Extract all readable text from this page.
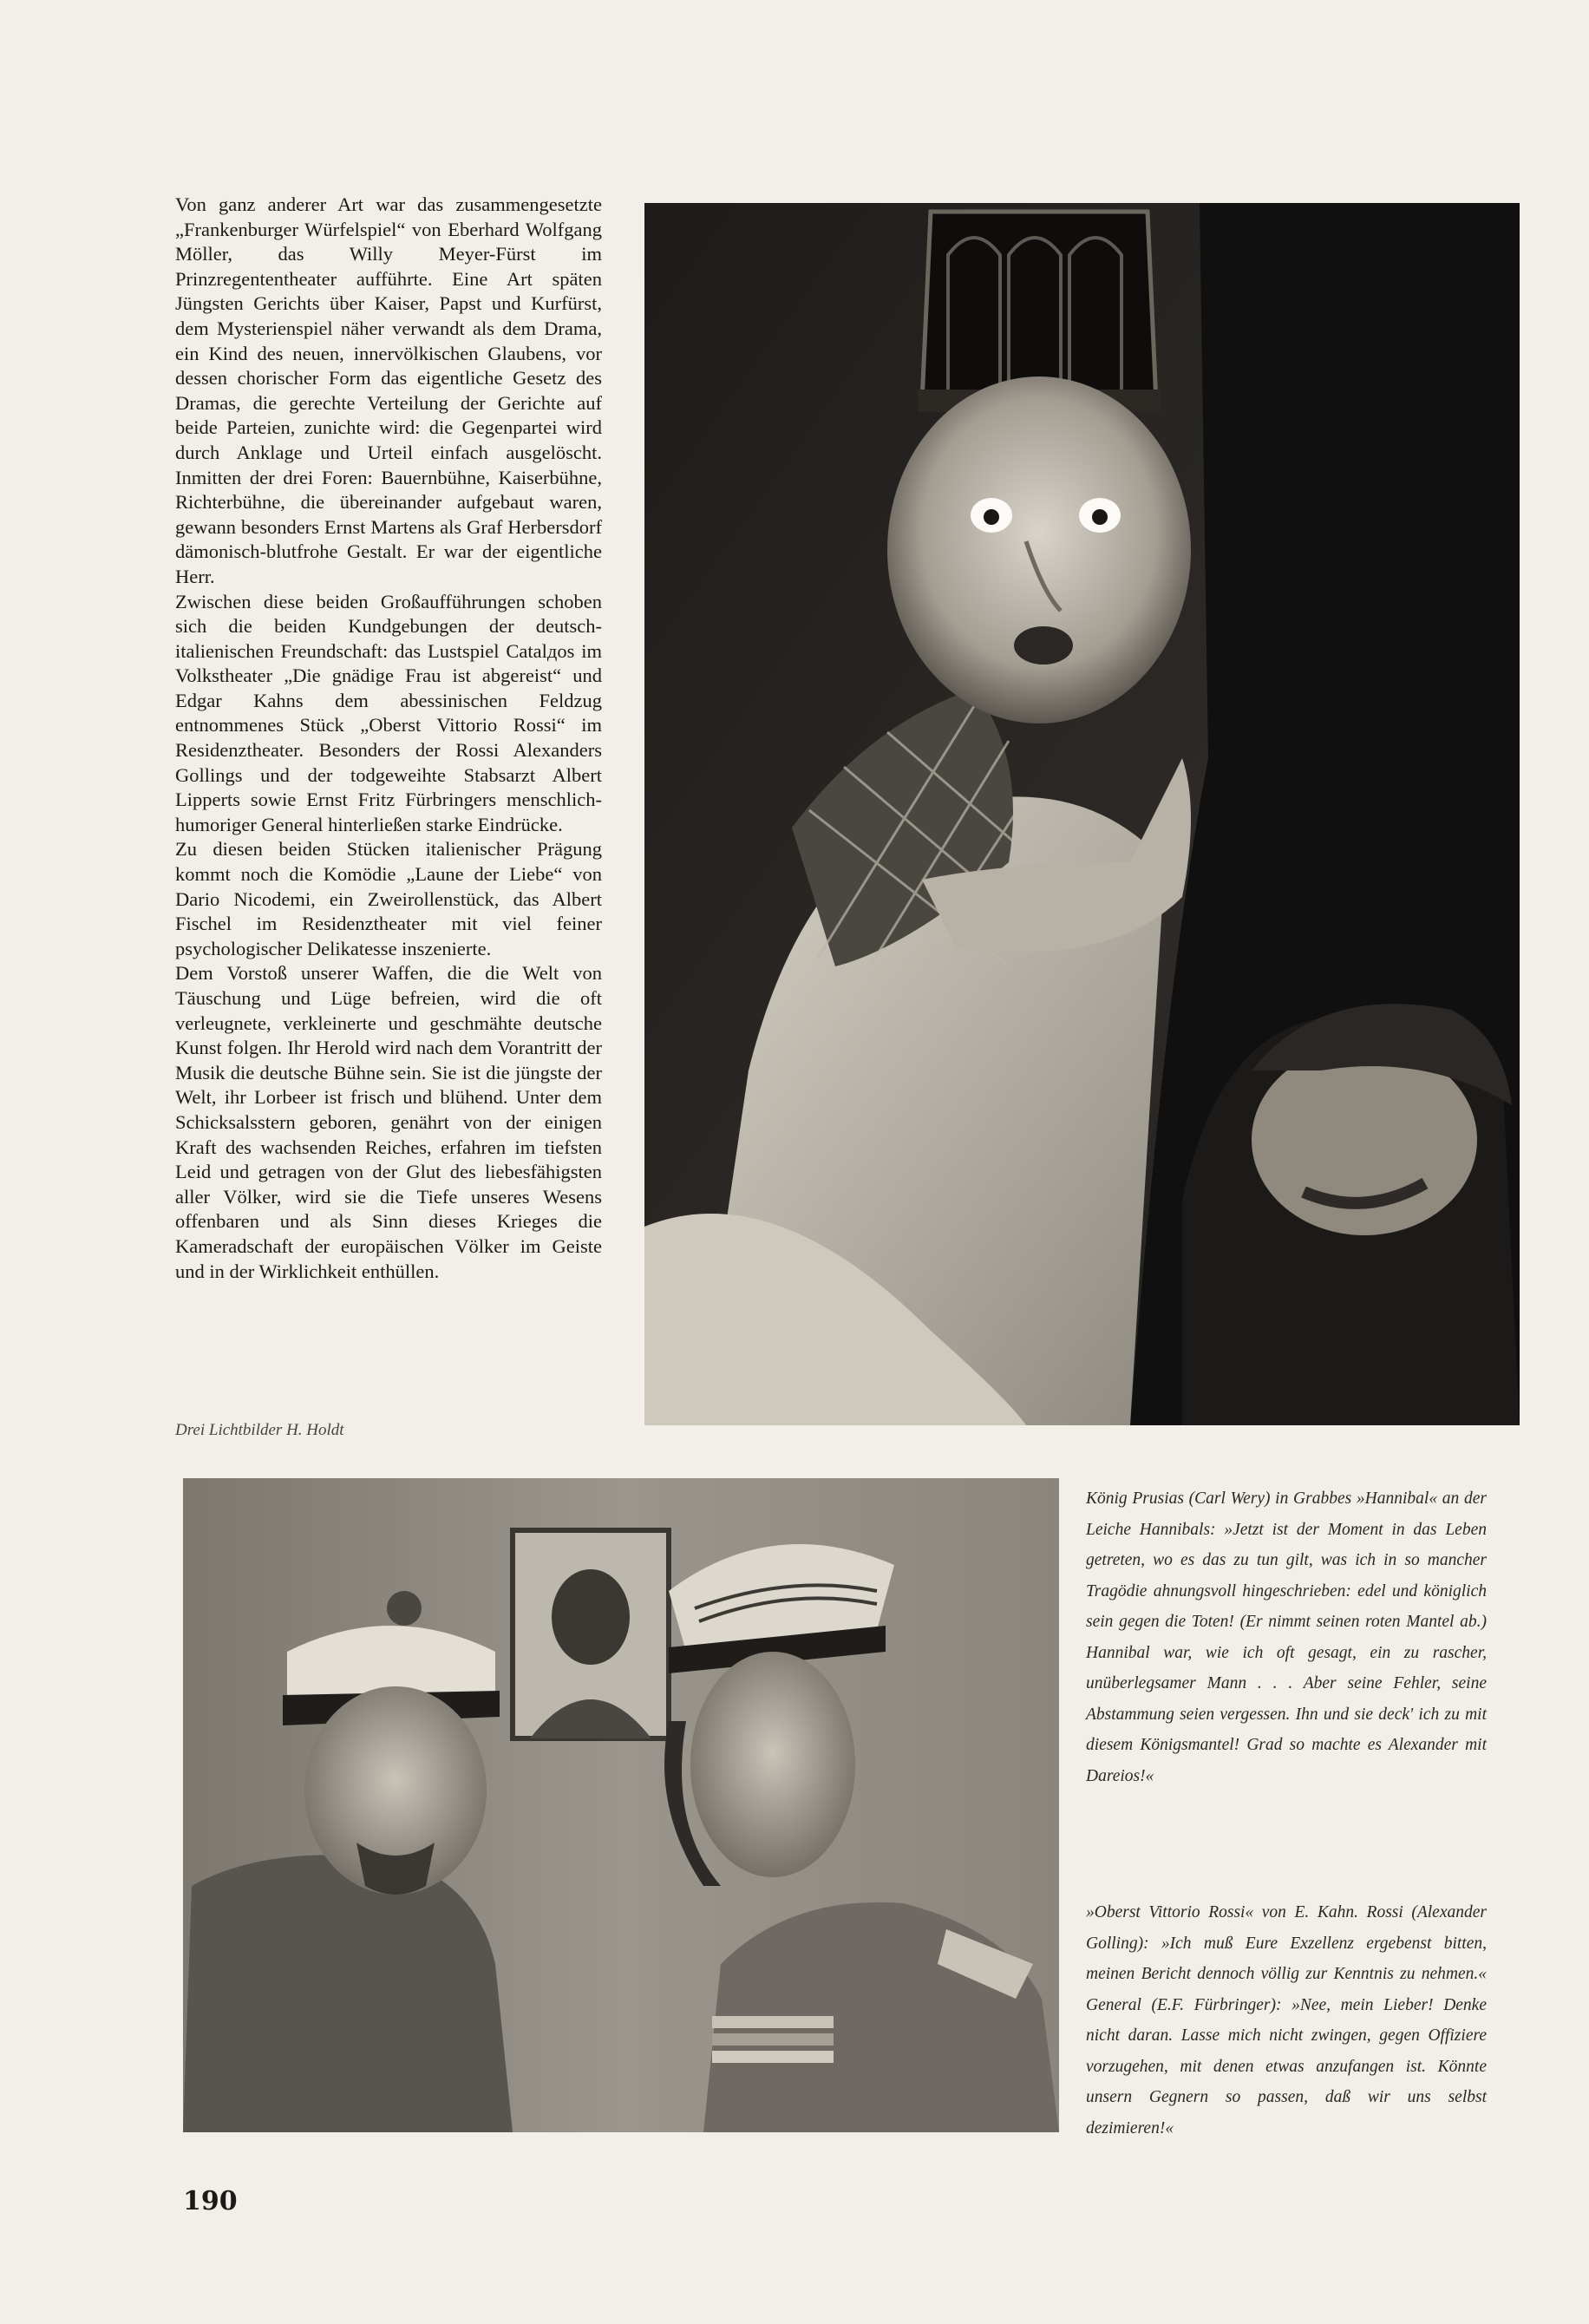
Von ganz anderer Art war das zusammengesetzte „Frankenburger Würfelspiel“ von Eberhard Wolfgang Möller, das Willy Meyer-Fürst im Prinzregententheater aufführte. Eine Art späten Jüngsten Gerichts über Kaiser, Papst und Kurfürst, dem Mysterienspiel näher verwandt als dem Drama, ein Kind des neuen, innervölkischen Glaubens, vor dessen chorischer Form das eigentliche Gesetz des Dramas, die gerechte Verteilung der Gerichte auf beide Parteien, zunichte wird: die Gegenpartei wird durch Anklage und Urteil einfach ausgelöscht. Inmitten der drei Foren: Bauernbühne, Kaiserbühne, Richterbühne, die übereinander aufgebaut waren, gewann besonders Ernst Martens als Graf Herbersdorf dämonisch-blutfrohe Gestalt. Er war der eigentliche Herr.

Zwischen diese beiden Großaufführungen schoben sich die beiden Kundgebungen der deutsch-italienischen Freundschaft: das Lustspiel Catalдos im Volkstheater „Die gnädige Frau ist abgereist“ und Edgar Kahns dem abessinischen Feldzug entnommenes Stück „Oberst Vittorio Rossi“ im Residenztheater. Besonders der Rossi Alexanders Gollings und der todgeweihte Stabsarzt Albert Lipperts sowie Ernst Fritz Fürbringers menschlich-humoriger General hinterließen starke Eindrücke.

Zu diesen beiden Stücken italienischer Prägung kommt noch die Komödie „Laune der Liebe“ von Dario Nicodemi, ein Zweirollenstück, das Albert Fischel im Residenztheater mit viel feiner psychologischer Delikatesse inszenierte.

Dem Vorstoß unserer Waffen, die die Welt von Täuschung und Lüge befreien, wird die oft verleugnete, verkleinerte und geschmähte deutsche Kunst folgen. Ihr Herold wird nach dem Vorantritt der Musik die deutsche Bühne sein. Sie ist die jüngste der Welt, ihr Lorbeer ist frisch und blühend. Unter dem Schicksalsstern geboren, genährt von der einigen Kraft des wachsenden Reiches, erfahren im tiefsten Leid und getragen von der Glut des liebesfähigsten aller Völker, wird sie die Tiefe unseres Wesens offenbaren und als Sinn dieses Krieges die Kameradschaft der europäischen Völker im Geiste und in der Wirklichkeit enthüllen.

Drei Lichtbilder H. Holdt
König Prusias (Carl Wery) in Grabbes »Hannibal« an der Leiche Hannibals: »Jetzt ist der Moment in das Leben getreten, wo es das zu tun gilt, was ich in so mancher Tragödie ahnungsvoll hingeschrieben: edel und königlich sein gegen die Toten! (Er nimmt seinen roten Mantel ab.) Hannibal war, wie ich oft gesagt, ein zu rascher, unüberlegsamer Mann . . . Aber seine Fehler, seine Abstammung seien vergessen. Ihn und sie deck' ich zu mit diesem Königsmantel! Grad so machte es Alexander mit Dareios!«
»Oberst Vittorio Rossi« von E. Kahn. Rossi (Alexander Golling): »Ich muß Eure Exzellenz ergebenst bitten, meinen Bericht dennoch völlig zur Kenntnis zu nehmen.« General (E.F. Fürbringer): »Nee, mein Lieber! Denke nicht daran. Lasse mich nicht zwingen, gegen Offiziere vorzugehen, mit denen etwas anzufangen ist. Könnte unsern Gegnern so passen, daß wir uns selbst dezimieren!«
190
